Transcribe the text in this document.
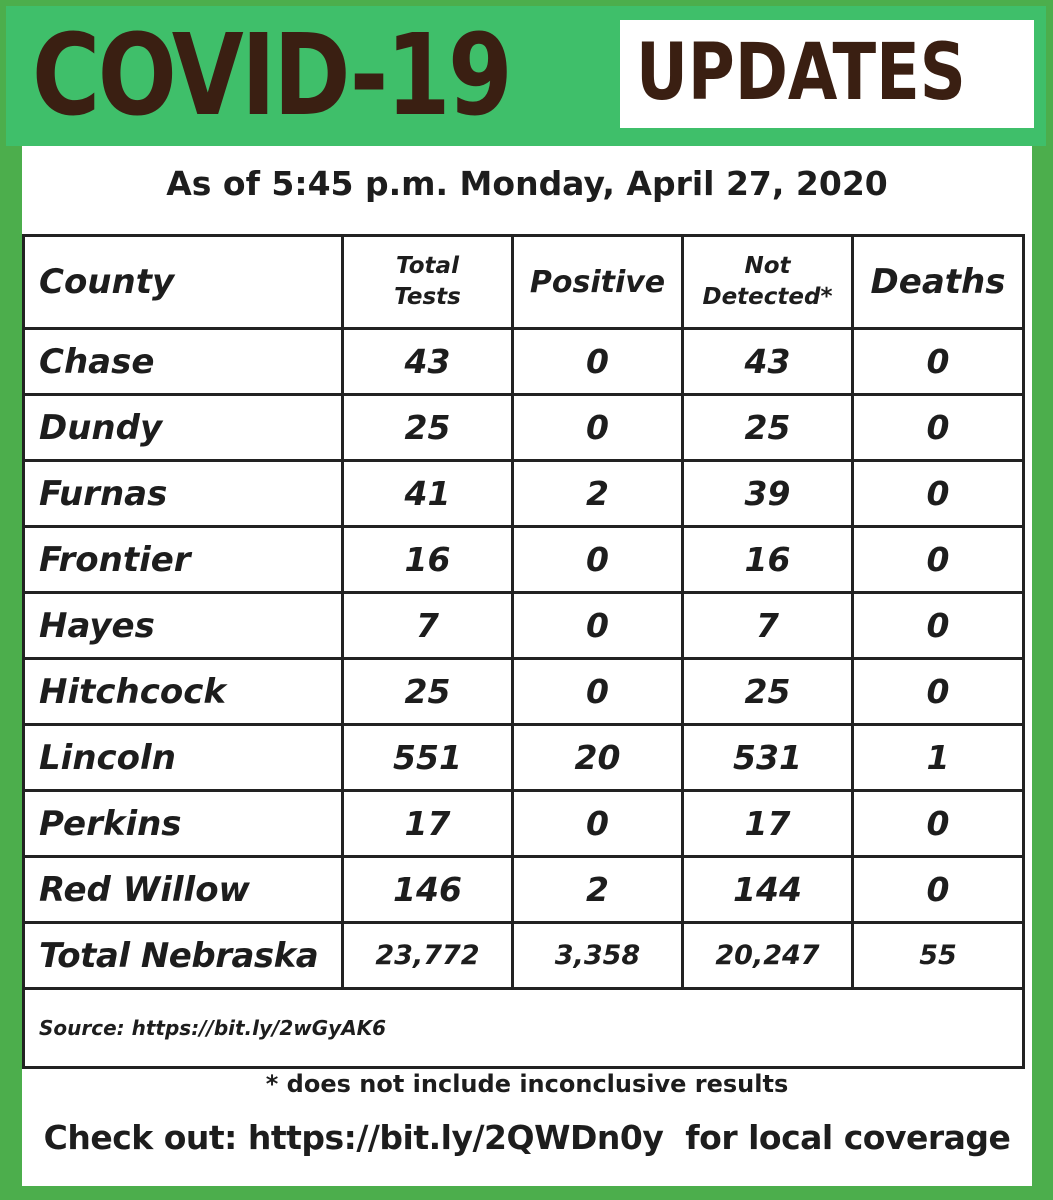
COVID-19 UPDATES
As of 5:45 p.m. Monday, April 27, 2020
County	Total Tests	Positive	Not Detected*	Deaths
Chase	43	0	43	0
Dundy	25	0	25	0
Furnas	41	2	39	0
Frontier	16	0	16	0
Hayes	7	0	7	0
Hitchcock	25	0	25	0
Lincoln	551	20	531	1
Perkins	17	0	17	0
Red Willow	146	2	144	0
Total Nebraska	23,772	3,358	20,247	55
Source: https://bit.ly/2wGyAK6				
* does not include inconclusive results
Check out: https://bit.ly/2QWDn0y  for local coverage
